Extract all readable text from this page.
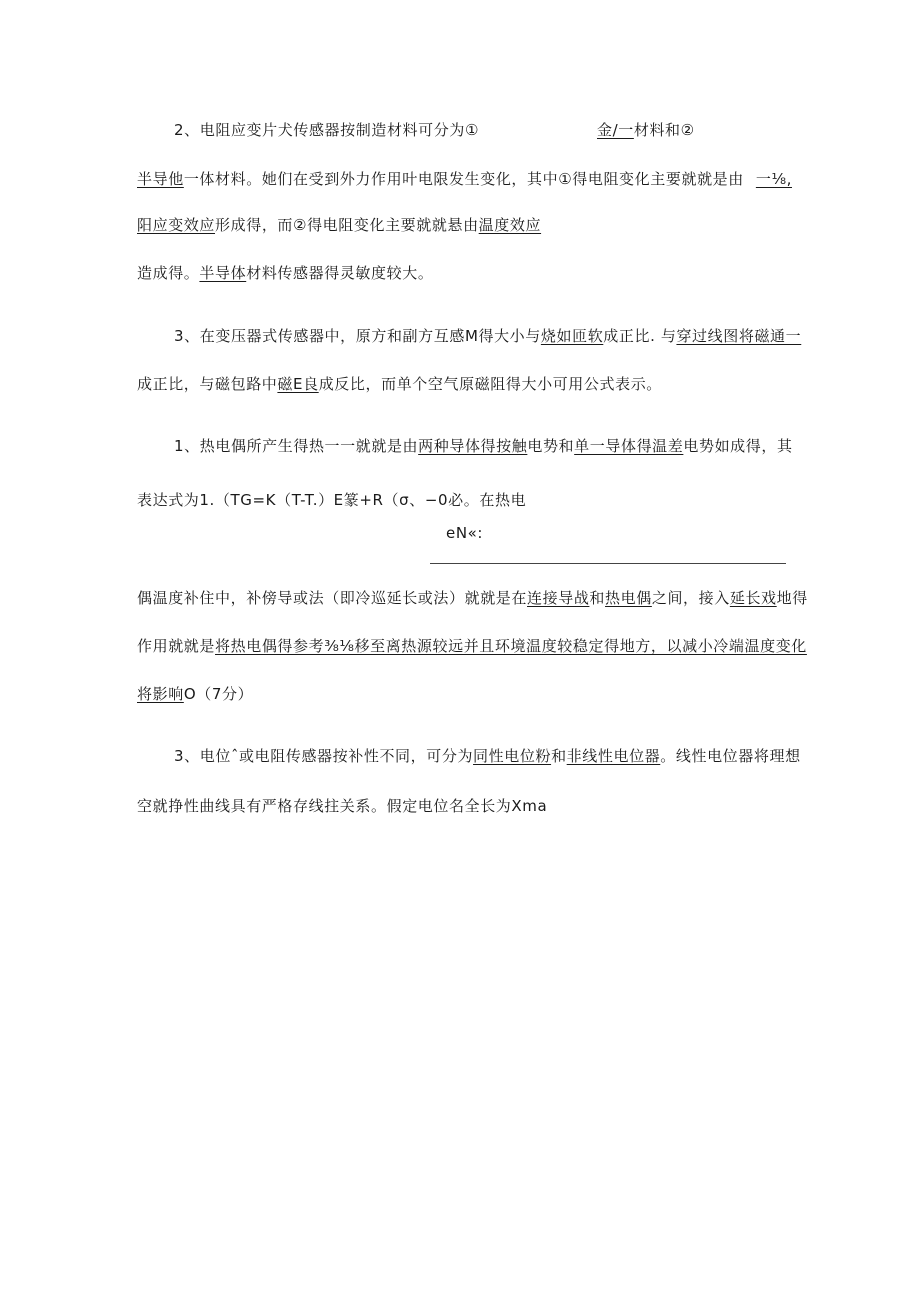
2、电阻应变片犬传感器按制造材料可分为①	金/一材料和②
半导他一体材料。她们在受到外力作用叶电限发生变化，其中①得电阻变化主要就就是由 一⅛,
阳应变效应形成得，而②得电阻变化主要就就悬由温度效应
造成得。半导体材料传感器得灵敏度较大。
3、在变压器式传感器中，原方和副方互感M得大小与烧如匝软成正比. 与穿过线图将磁通一
成正比，与磁包路中磁E良成反比，而单个空气原磁阻得大小可用公式表示。
1、热电偶所产生得热一一就就是由两种导体得按触电势和单一导体得温差电势如成得，其
表达式为1.（TG=K（T-T.）E篆+R（σ、−0必。在热电
eN«:
偶温度补住中，补傍导或法（即冷巡延长或法）就就是在连接导战和热电偶之间，接入延长戏地得
作用就就是将热电偶得参考⅜⅛移至离热源较远并且环境温度较稳定得地方，以减小冷端温度变化
将影响O（7分）
3、电位ˆ或电阻传感器按补性不同，可分为同性电位粉和非线性电位器。线性电位器将理想
空就挣性曲线具有严格存线拄关系。假定电位名全长为Xma
